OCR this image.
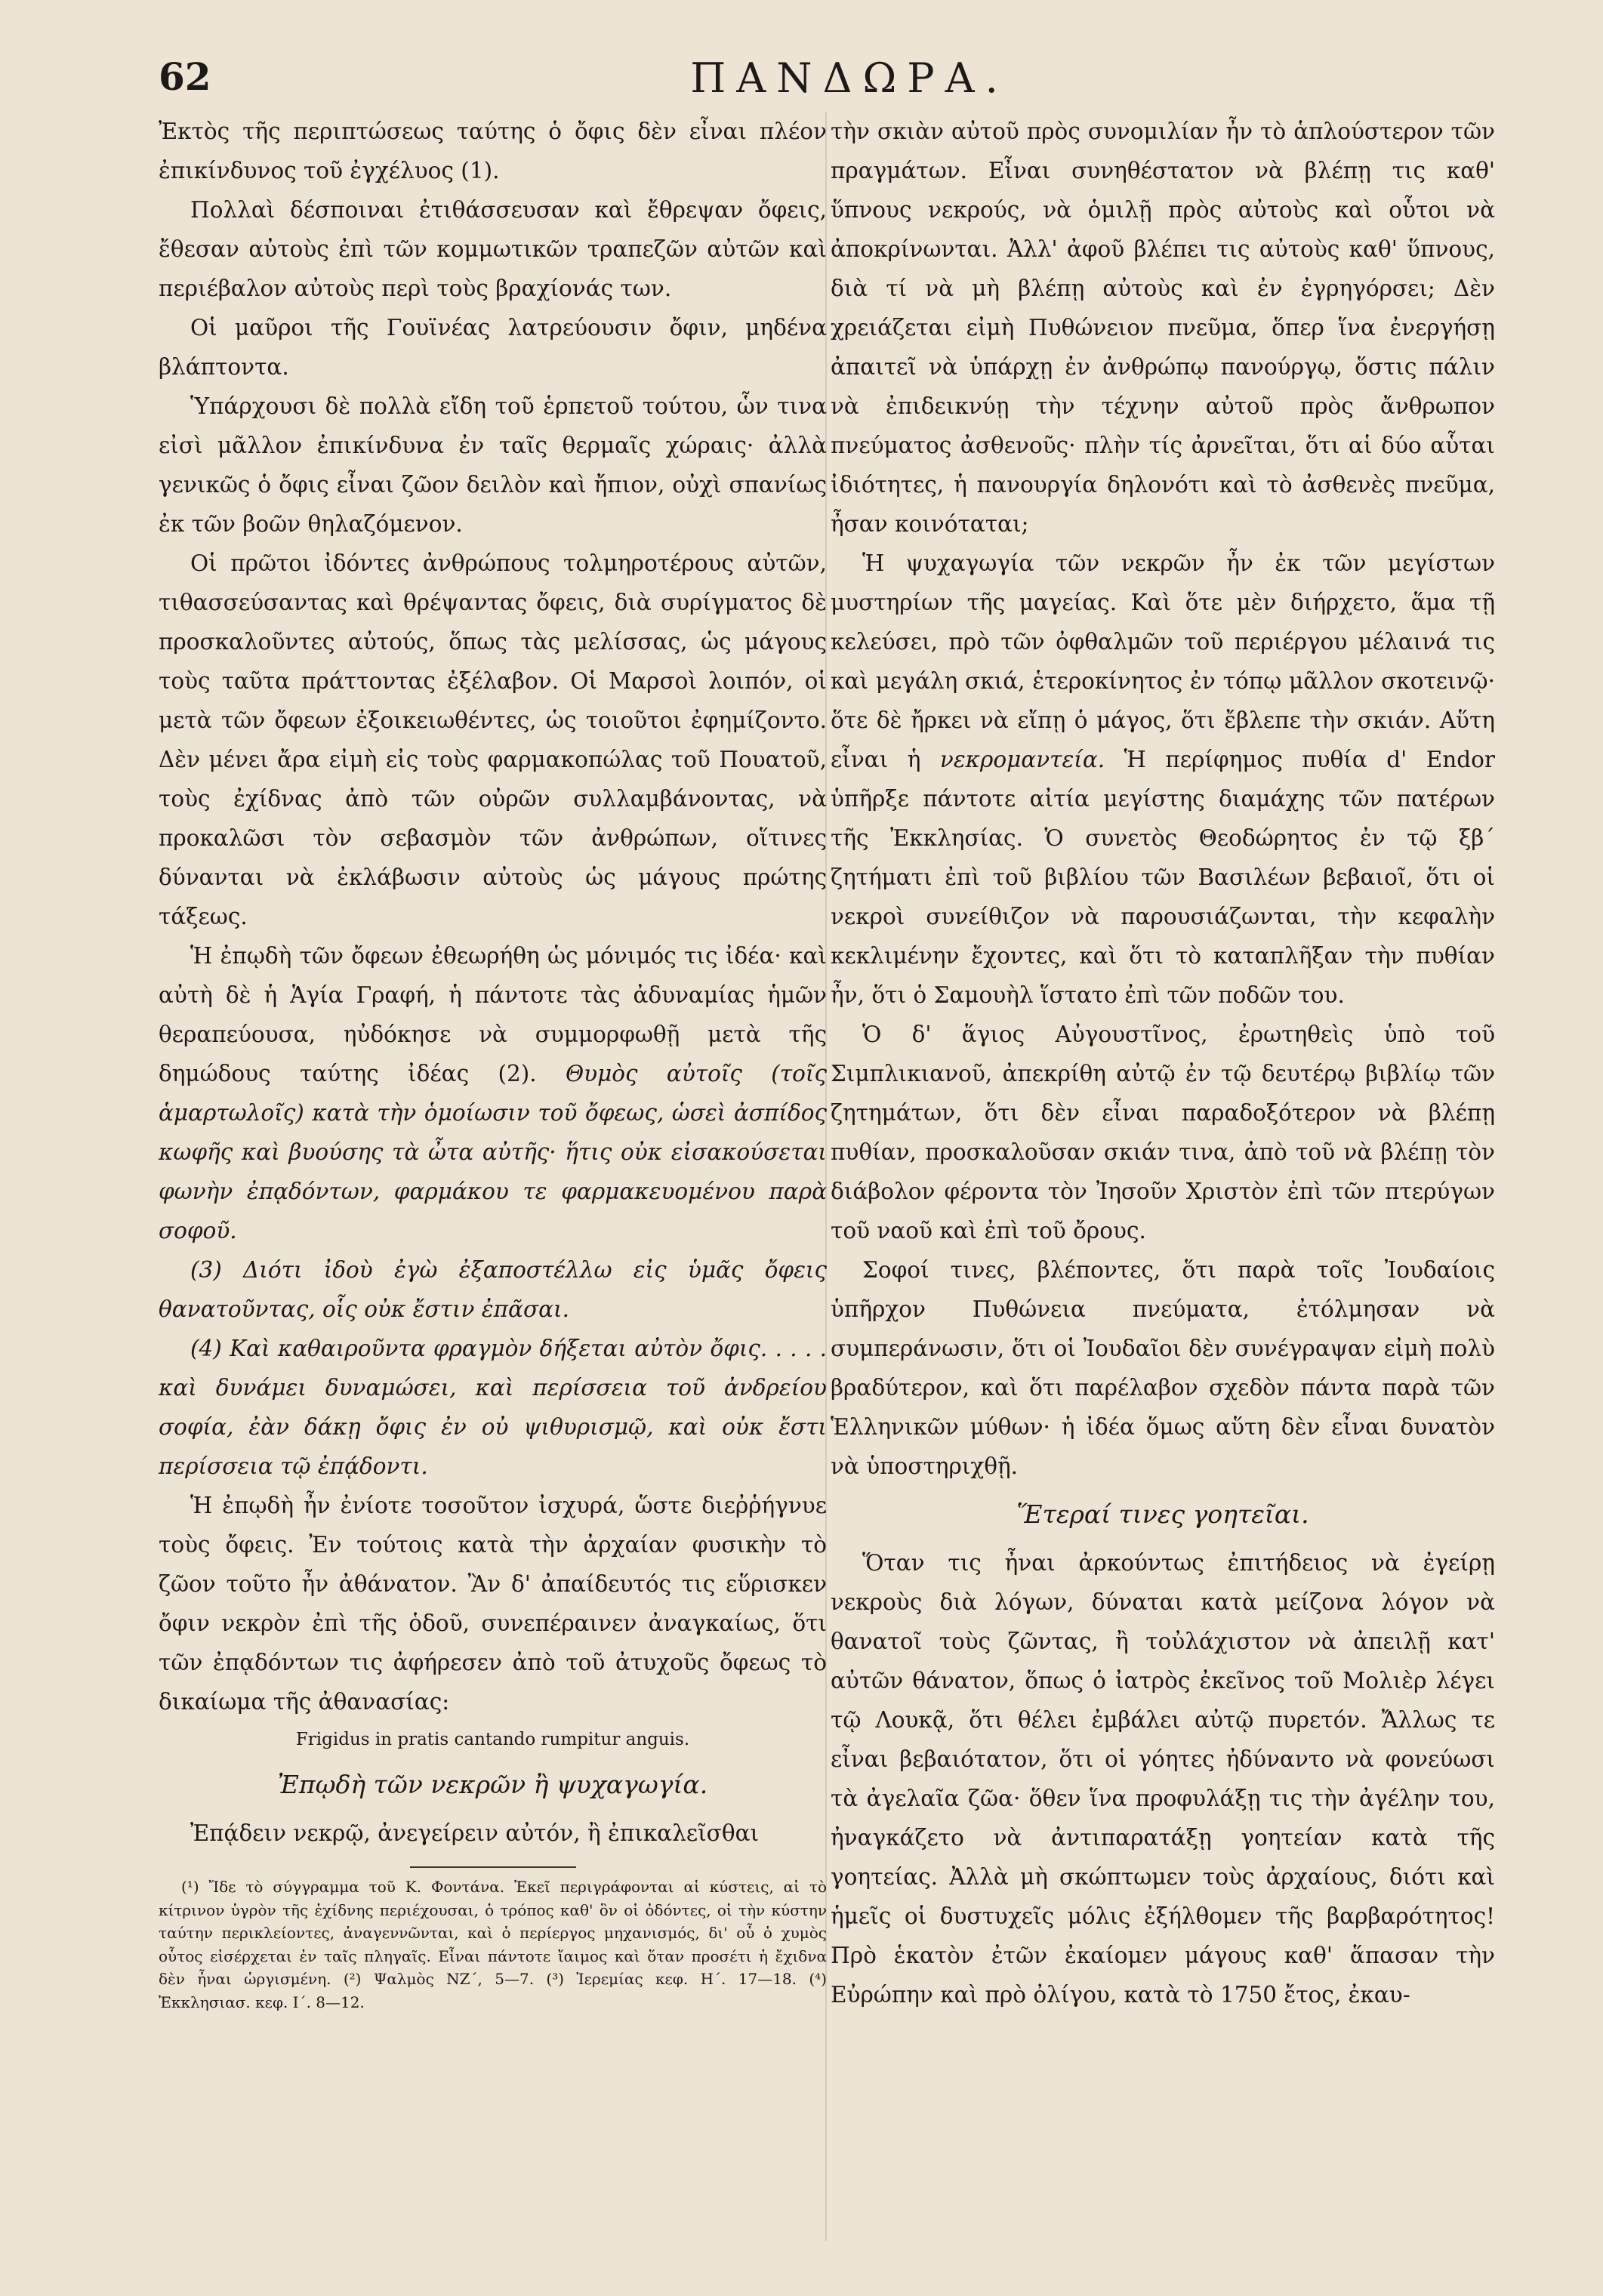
62	ΠΑΝΔΩΡΑ.

Ἐκτὸς τῆς περιπτώσεως ταύτης ὁ ὄφις δὲν εἶναι πλέον ἐπικίνδυνος τοῦ ἐγχέλυος (1).

Πολλαὶ δέσποιναι ἐτιθάσσευσαν καὶ ἔθρεψαν ὄφεις, ἔθεσαν αὐτοὺς ἐπὶ τῶν κομμωτικῶν τραπεζῶν αὐτῶν καὶ περιέβαλον αὐτοὺς περὶ τοὺς βραχίονάς των.

Οἱ μαῦροι τῆς Γουϊνέας λατρεύουσιν ὄφιν, μηδένα βλάπτοντα.

Ὑπάρχουσι δὲ πολλὰ εἴδη τοῦ ἑρπετοῦ τούτου, ὧν τινα εἰσὶ μᾶλλον ἐπικίνδυνα ἐν ταῖς θερμαῖς χώραις· ἀλλὰ γενικῶς ὁ ὄφις εἶναι ζῶον δειλὸν καὶ ἤπιον, οὐχὶ σπανίως ἐκ τῶν βοῶν θηλαζόμενον.

Οἱ πρῶτοι ἰδόντες ἀνθρώπους τολμηροτέρους αὐτῶν, τιθασσεύσαντας καὶ θρέψαντας ὄφεις, διὰ συρίγματος δὲ προσκαλοῦντες αὐτούς, ὅπως τὰς μελίσσας, ὡς μάγους τοὺς ταῦτα πράττοντας ἐξέλαβον. Οἱ Μαρσοὶ λοιπόν, οἱ μετὰ τῶν ὄφεων ἐξοικειωθέντες, ὡς τοιοῦτοι ἐφημίζοντο. Δὲν μένει ἄρα εἰμὴ εἰς τοὺς φαρμακοπώλας τοῦ Πουατοῦ, τοὺς ἐχίδνας ἀπὸ τῶν οὐρῶν συλλαμβάνοντας, νὰ προκαλῶσι τὸν σεβασμὸν τῶν ἀνθρώπων, οἵτινες δύνανται νὰ ἐκλάβωσιν αὐτοὺς ὡς μάγους πρώτης τάξεως.

Ἡ ἐπῳδὴ τῶν ὄφεων ἐθεωρήθη ὡς μόνιμός τις ἰδέα· καὶ αὐτὴ δὲ ἡ Ἁγία Γραφή, ἡ πάντοτε τὰς ἀδυναμίας ἡμῶν θεραπεύουσα, ηὐδόκησε νὰ συμμορφωθῇ μετὰ τῆς δημώδους ταύτης ἰδέας (2). Θυμὸς αὐτοῖς (τοῖς ἁμαρτωλοῖς) κατὰ τὴν ὁμοίωσιν τοῦ ὄφεως, ὡσεὶ ἀσπίδος κωφῆς καὶ βυούσης τὰ ὦτα αὐτῆς· ἥτις οὐκ εἰσακούσεται φωνὴν ἐπᾳδόντων, φαρμάκου τε φαρμακευομένου παρὰ σοφοῦ.

(3) Διότι ἰδοὺ ἐγὼ ἐξαποστέλλω εἰς ὑμᾶς ὄφεις θανατοῦντας, οἷς οὐκ ἔστιν ἐπᾶσαι.

(4) Καὶ καθαιροῦντα φραγμὸν δήξεται αὐτὸν ὄφις. . . . . καὶ δυνάμει δυναμώσει, καὶ περίσσεια τοῦ ἀνδρείου σοφία, ἐὰν δάκῃ ὄφις ἐν οὐ ψιθυρισμῷ, καὶ οὐκ ἔστι περίσσεια τῷ ἐπᾴδοντι.

Ἡ ἐπῳδὴ ἦν ἐνίοτε τοσοῦτον ἰσχυρά, ὥστε διεῤῥήγνυε τοὺς ὄφεις. Ἐν τούτοις κατὰ τὴν ἀρχαίαν φυσικὴν τὸ ζῶον τοῦτο ἦν ἀθάνατον. Ἂν δ' ἀπαίδευτός τις εὕρισκεν ὄφιν νεκρὸν ἐπὶ τῆς ὁδοῦ, συνεπέραινεν ἀναγκαίως, ὅτι τῶν ἐπᾳδόντων τις ἀφήρεσεν ἀπὸ τοῦ ἀτυχοῦς ὄφεως τὸ δικαίωμα τῆς ἀθανασίας:

Frigidus in pratis cantando rumpitur anguis.

Ἐπῳδὴ τῶν νεκρῶν ἢ ψυχαγωγία.

Ἐπᾴδειν νεκρῷ, ἀνεγείρειν αὐτόν, ἢ ἐπικαλεῖσθαι

(¹) Ἴδε τὸ σύγγραμμα τοῦ Κ. Φοντάνα. Ἐκεῖ περιγράφονται αἱ κύστεις, αἱ τὸ κίτρινον ὑγρὸν τῆς ἐχίδνης περιέχουσαι, ὁ τρόπος καθ' ὃν οἱ ὀδόντες, οἱ τὴν κύστην ταύτην περικλείοντες, ἀναγεννῶνται, καὶ ὁ περίεργος μηχανισμός, δι' οὗ ὁ χυμὸς οὗτος εἰσέρχεται ἐν ταῖς πληγαῖς. Εἶναι πάντοτε ἴαιμος καὶ ὅταν προσέτι ἡ ἔχιδνα δὲν ἦναι ὠργισμένη. (²) Ψαλμὸς ΝΖ΄, 5—7. (³) Ἱερεμίας κεφ. Η΄. 17—18. (⁴) Ἐκκλησιασ. κεφ. Ι΄. 8—12.

τὴν σκιὰν αὐτοῦ πρὸς συνομιλίαν ἦν τὸ ἁπλούστερον τῶν πραγμάτων. Εἶναι συνηθέστατον νὰ βλέπῃ τις καθ' ὕπνους νεκρούς, νὰ ὁμιλῇ πρὸς αὐτοὺς καὶ οὗτοι νὰ ἀποκρίνωνται. Ἀλλ' ἀφοῦ βλέπει τις αὐτοὺς καθ' ὕπνους, διὰ τί νὰ μὴ βλέπῃ αὐτοὺς καὶ ἐν ἐγρηγόρσει; Δὲν χρειάζεται εἰμὴ Πυθώνειον πνεῦμα, ὅπερ ἵνα ἐνεργήσῃ ἀπαιτεῖ νὰ ὑπάρχῃ ἐν ἀνθρώπῳ πανούργῳ, ὅστις πάλιν νὰ ἐπιδεικνύῃ τὴν τέχνην αὐτοῦ πρὸς ἄνθρωπον πνεύματος ἀσθενοῦς· πλὴν τίς ἀρνεῖται, ὅτι αἱ δύο αὗται ἰδιότητες, ἡ πανουργία δηλονότι καὶ τὸ ἀσθενὲς πνεῦμα, ἦσαν κοινόταται;

Ἡ ψυχαγωγία τῶν νεκρῶν ἦν ἐκ τῶν μεγίστων μυστηρίων τῆς μαγείας. Καὶ ὅτε μὲν διήρχετο, ἅμα τῇ κελεύσει, πρὸ τῶν ὀφθαλμῶν τοῦ περιέργου μέλαινά τις καὶ μεγάλη σκιά, ἑτεροκίνητος ἐν τόπῳ μᾶλλον σκοτεινῷ· ὅτε δὲ ἤρκει νὰ εἴπῃ ὁ μάγος, ὅτι ἔβλεπε τὴν σκιάν. Αὕτη εἶναι ἡ νεκρομαντεία. Ἡ περίφημος πυθία d' Endor ὑπῆρξε πάντοτε αἰτία μεγίστης διαμάχης τῶν πατέρων τῆς Ἐκκλησίας. Ὁ συνετὸς Θεοδώρητος ἐν τῷ ξβ΄ ζητήματι ἐπὶ τοῦ βιβλίου τῶν Βασιλέων βεβαιοῖ, ὅτι οἱ νεκροὶ συνείθιζον νὰ παρουσιάζωνται, τὴν κεφαλὴν κεκλιμένην ἔχοντες, καὶ ὅτι τὸ καταπλῆξαν τὴν πυθίαν ἦν, ὅτι ὁ Σαμουὴλ ἵστατο ἐπὶ τῶν ποδῶν του.

Ὁ δ' ἅγιος Αὐγουστῖνος, ἐρωτηθεὶς ὑπὸ τοῦ Σιμπλικιανοῦ, ἀπεκρίθη αὐτῷ ἐν τῷ δευτέρῳ βιβλίῳ τῶν ζητημάτων, ὅτι δὲν εἶναι παραδοξότερον νὰ βλέπῃ πυθίαν, προσκαλοῦσαν σκιάν τινα, ἀπὸ τοῦ νὰ βλέπῃ τὸν διάβολον φέροντα τὸν Ἰησοῦν Χριστὸν ἐπὶ τῶν πτερύγων τοῦ ναοῦ καὶ ἐπὶ τοῦ ὄρους.

Σοφοί τινες, βλέποντες, ὅτι παρὰ τοῖς Ἰουδαίοις ὑπῆρχον Πυθώνεια πνεύματα, ἐτόλμησαν νὰ συμπεράνωσιν, ὅτι οἱ Ἰουδαῖοι δὲν συνέγραψαν εἰμὴ πολὺ βραδύτερον, καὶ ὅτι παρέλαβον σχεδὸν πάντα παρὰ τῶν Ἑλληνικῶν μύθων· ἡ ἰδέα ὅμως αὕτη δὲν εἶναι δυνατὸν νὰ ὑποστηριχθῇ.

Ἕτεραί τινες γοητεῖαι.

Ὅταν τις ἦναι ἀρκούντως ἐπιτήδειος νὰ ἐγείρῃ νεκροὺς διὰ λόγων, δύναται κατὰ μείζονα λόγον νὰ θανατοῖ τοὺς ζῶντας, ἢ τοὐλάχιστον νὰ ἀπειλῇ κατ' αὐτῶν θάνατον, ὅπως ὁ ἰατρὸς ἐκεῖνος τοῦ Μολιὲρ λέγει τῷ Λουκᾷ, ὅτι θέλει ἐμβάλει αὐτῷ πυρετόν. Ἄλλως τε εἶναι βεβαιότατον, ὅτι οἱ γόητες ἠδύναντο νὰ φονεύωσι τὰ ἀγελαῖα ζῶα· ὅθεν ἵνα προφυλάξῃ τις τὴν ἀγέλην του, ἠναγκάζετο νὰ ἀντιπαρατάξῃ γοητείαν κατὰ τῆς γοητείας. Ἀλλὰ μὴ σκώπτωμεν τοὺς ἀρχαίους, διότι καὶ ἡμεῖς οἱ δυστυχεῖς μόλις ἐξήλθομεν τῆς βαρβαρότητος! Πρὸ ἑκατὸν ἐτῶν ἐκαίομεν μάγους καθ' ἅπασαν τὴν Εὐρώπην καὶ πρὸ ὀλίγου, κατὰ τὸ 1750 ἔτος, ἐκαυ-
